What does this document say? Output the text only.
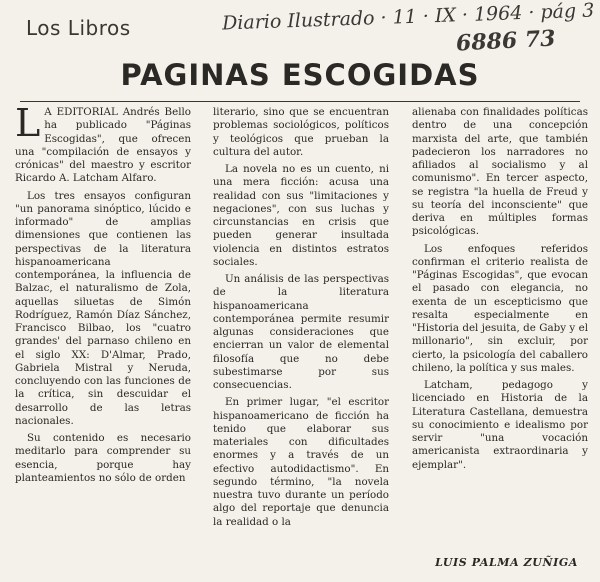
Los Libros	Diario Ilustrado · 11 · IX · 1964 · pág 3
6886 73
PAGINAS ESCOGIDAS

L A EDITORIAL Andrés Bello ha publicado "Páginas Escogidas", que ofrecen una "compilación de ensayos y crónicas" del maestro y escritor Ricardo A. Latcham Alfaro.

Los tres ensayos configuran "un panorama sinóptico, lúcido e informado" de amplias dimensiones que contienen las perspectivas de la literatura hispanoamericana contemporánea, la influencia de Balzac, el naturalismo de Zola, aquellas siluetas de Simón Rodríguez, Ramón Díaz Sánchez, Francisco Bilbao, los "cuatro grandes' del parnaso chileno en el siglo XX: D'Almar, Prado, Gabriela Mistral y Neruda, concluyendo con las funciones de la crítica, sin descuidar el desarrollo de las letras nacionales.

Su contenido es necesario meditarlo para comprender su esencia, porque hay planteamientos no sólo de orden

literario, sino que se encuentran problemas sociológicos, políticos y teológicos que prueban la cultura del autor.

La novela no es un cuento, ni una mera ficción: acusa una realidad con sus "limitaciones y negaciones", con sus luchas y circunstancias en crisis que pueden generar insultada violencia en distintos estratos sociales.

Un análisis de las perspectivas de la literatura hispanoamericana contemporánea permite resumir algunas consideraciones que encierran un valor de elemental filosofía que no debe subestimarse por sus consecuencias.

En primer lugar, "el escritor hispanoamericano de ficción ha tenido que elaborar sus materiales con dificultades enormes y a través de un efectivo autodidactismo". En segundo término, "la novela nuestra tuvo durante un período algo del reportaje que denuncia la realidad o la

alienaba con finalidades políticas dentro de una concepción marxista del arte, que también padecieron los narradores no afiliados al socialismo y al comunismo". En tercer aspecto, se registra "la huella de Freud y su teoría del inconsciente" que deriva en múltiples formas psicológicas.

Los enfoques referidos confirman el criterio realista de "Páginas Escogidas", que evocan el pasado con elegancia, no exenta de un escepticismo que resalta especialmente en "Historia del jesuita, de Gaby y el millonario", sin excluir, por cierto, la psicología del caballero chileno, la política y sus males.

Latcham, pedagogo y licenciado en Historia de la Literatura Castellana, demuestra su conocimiento e idealismo por servir "una vocación americanista extraordinaria y ejemplar".

LUIS PALMA ZUÑIGA
